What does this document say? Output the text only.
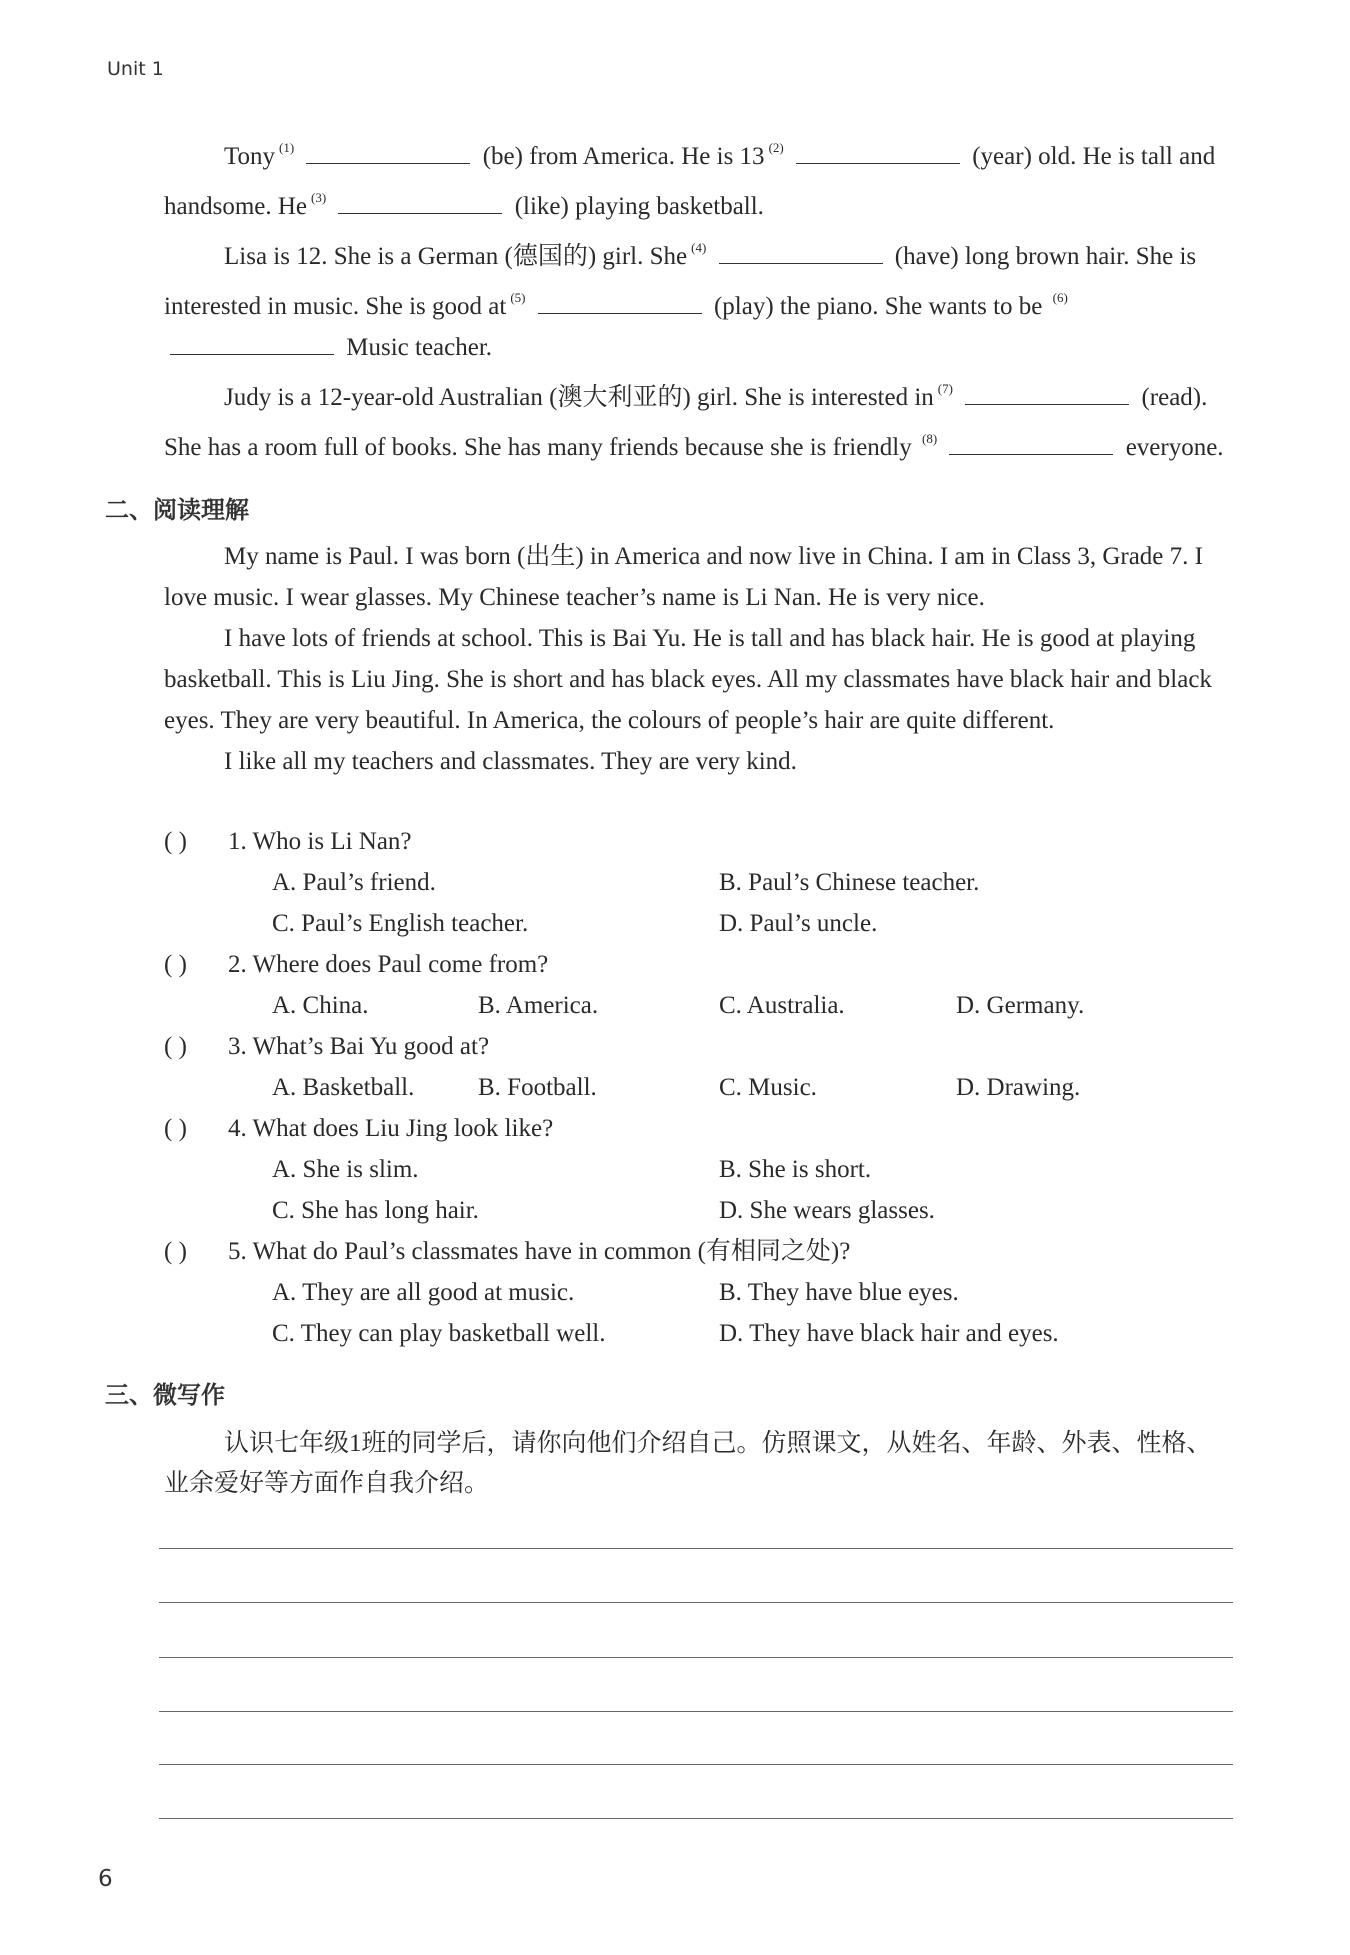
Unit 1

Tony $^{(1)}$	(be) from America. He is 13 $^{(2)}$	(year) old. He is tall and handsome. He $^{(3)}$	(like) playing basketball.

Lisa is 12. She is a German (德国的) girl. She $^{(4)}$	(have) long brown hair. She is interested in music. She is good at $^{(5)}$	(play) the piano. She wants to be $^{(6)}$  Music teacher.

Judy is a 12-year-old Australian (澳大利亚的) girl. She is interested in $^{(7)}$	(read). She has a room full of books. She has many friends because she is friendly $^{(8)}$	everyone.

二、阅读理解

My name is Paul. I was born (出生) in America and now live in China. I am in Class 3, Grade 7. I love music. I wear glasses. My Chinese teacher’s name is Li Nan. He is very nice.

I have lots of friends at school. This is Bai Yu. He is tall and has black hair. He is good at playing basketball. This is Liu Jing. She is short and has black eyes. All my classmates have black hair and black eyes. They are very beautiful. In America, the colours of people’s hair are quite different.

I like all my teachers and classmates. They are very kind.

( ) 1. Who is Li Nan?
A. Paul’s friend.	B. Paul’s Chinese teacher.
C. Paul’s English teacher.	D. Paul’s uncle.
( ) 2. Where does Paul come from?
A. China.	B. America.	C. Australia.	D. Germany.
( ) 3. What’s Bai Yu good at?
A. Basketball.	B. Football.	C. Music.	D. Drawing.
( ) 4. What does Liu Jing look like?
A. She is slim.	B. She is short.
C. She has long hair.	D. She wears glasses.
( ) 5. What do Paul’s classmates have in common (有相同之处)?
A. They are all good at music.	B. They have blue eyes.
C. They can play basketball well.	D. They have black hair and eyes.
三、微写作
认识七年级1班的同学后，请你向他们介绍自己。仿照课文，从姓名、年龄、外表、性格、业余爱好等方面作自我介绍。
6
